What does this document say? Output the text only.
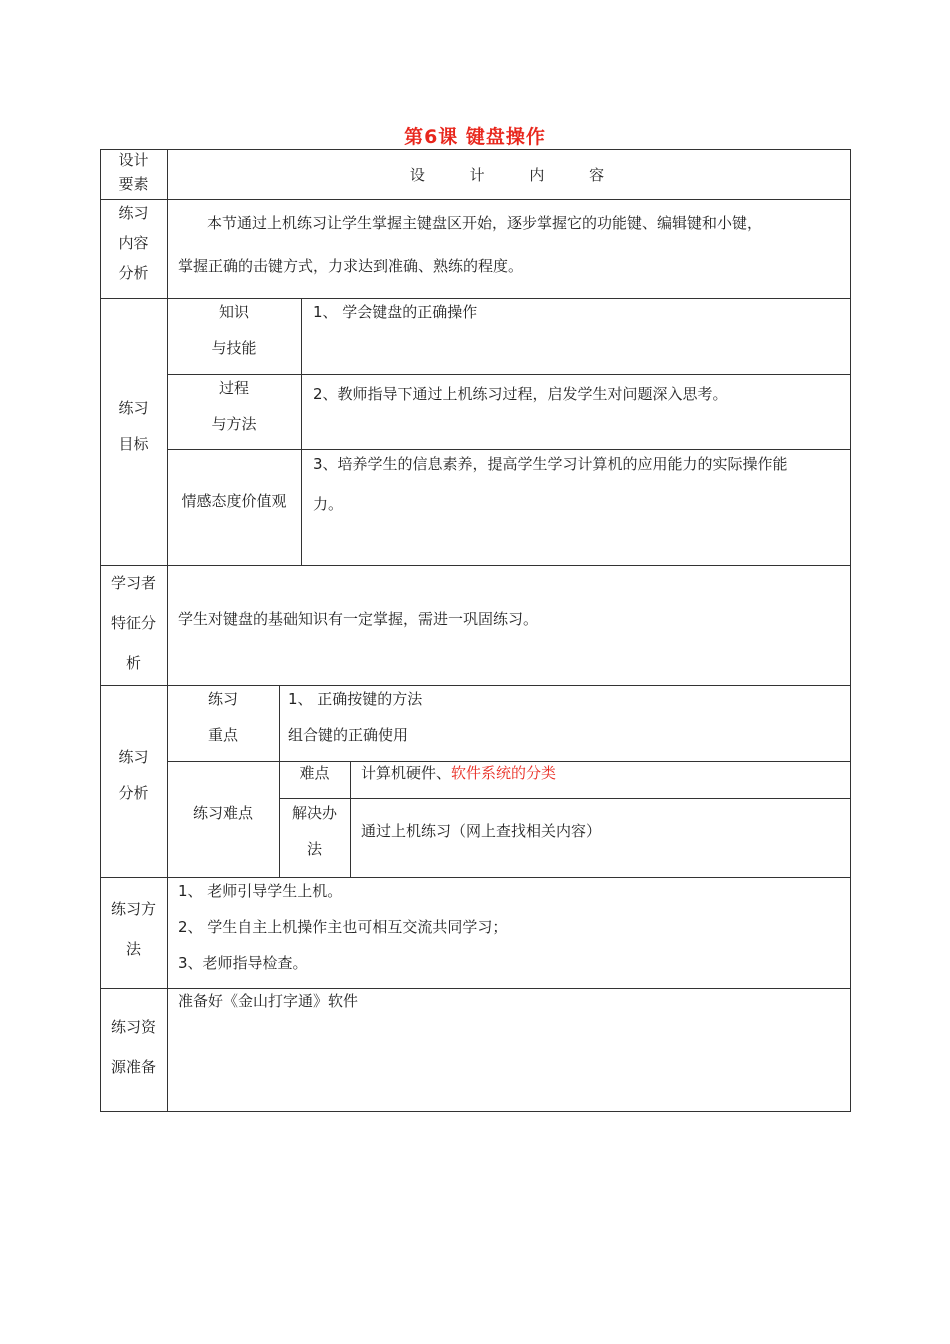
第6课 键盘操作
设计
要素	设 计 内 容
练习
内容
分析
本节通过上机练习让学生掌握主键盘区开始，逐步掌握它的功能键、编辑键和小键，
掌握正确的击键方式，力求达到准确、熟练的程度。
练习
目标
知识
与技能
1、 学会键盘的正确操作
过程
与方法
2、教师指导下通过上机练习过程，启发学生对问题深入思考。
情感态度价值观
3、培养学生的信息素养，提高学生学习计算机的应用能力的实际操作能
力。
学习者
特征分
析
学生对键盘的基础知识有一定掌握，需进一巩固练习。
练习
分析
练习
重点
1、 正确按键的方法
组合键的正确使用
练习难点
难点	计算机硬件、软件系统的分类
解决办
法
通过上机练习（网上查找相关内容）
练习方
法
1、 老师引导学生上机。
2、 学生自主上机操作主也可相互交流共同学习；
3、老师指导检查。
练习资
源准备
准备好《金山打字通》软件
